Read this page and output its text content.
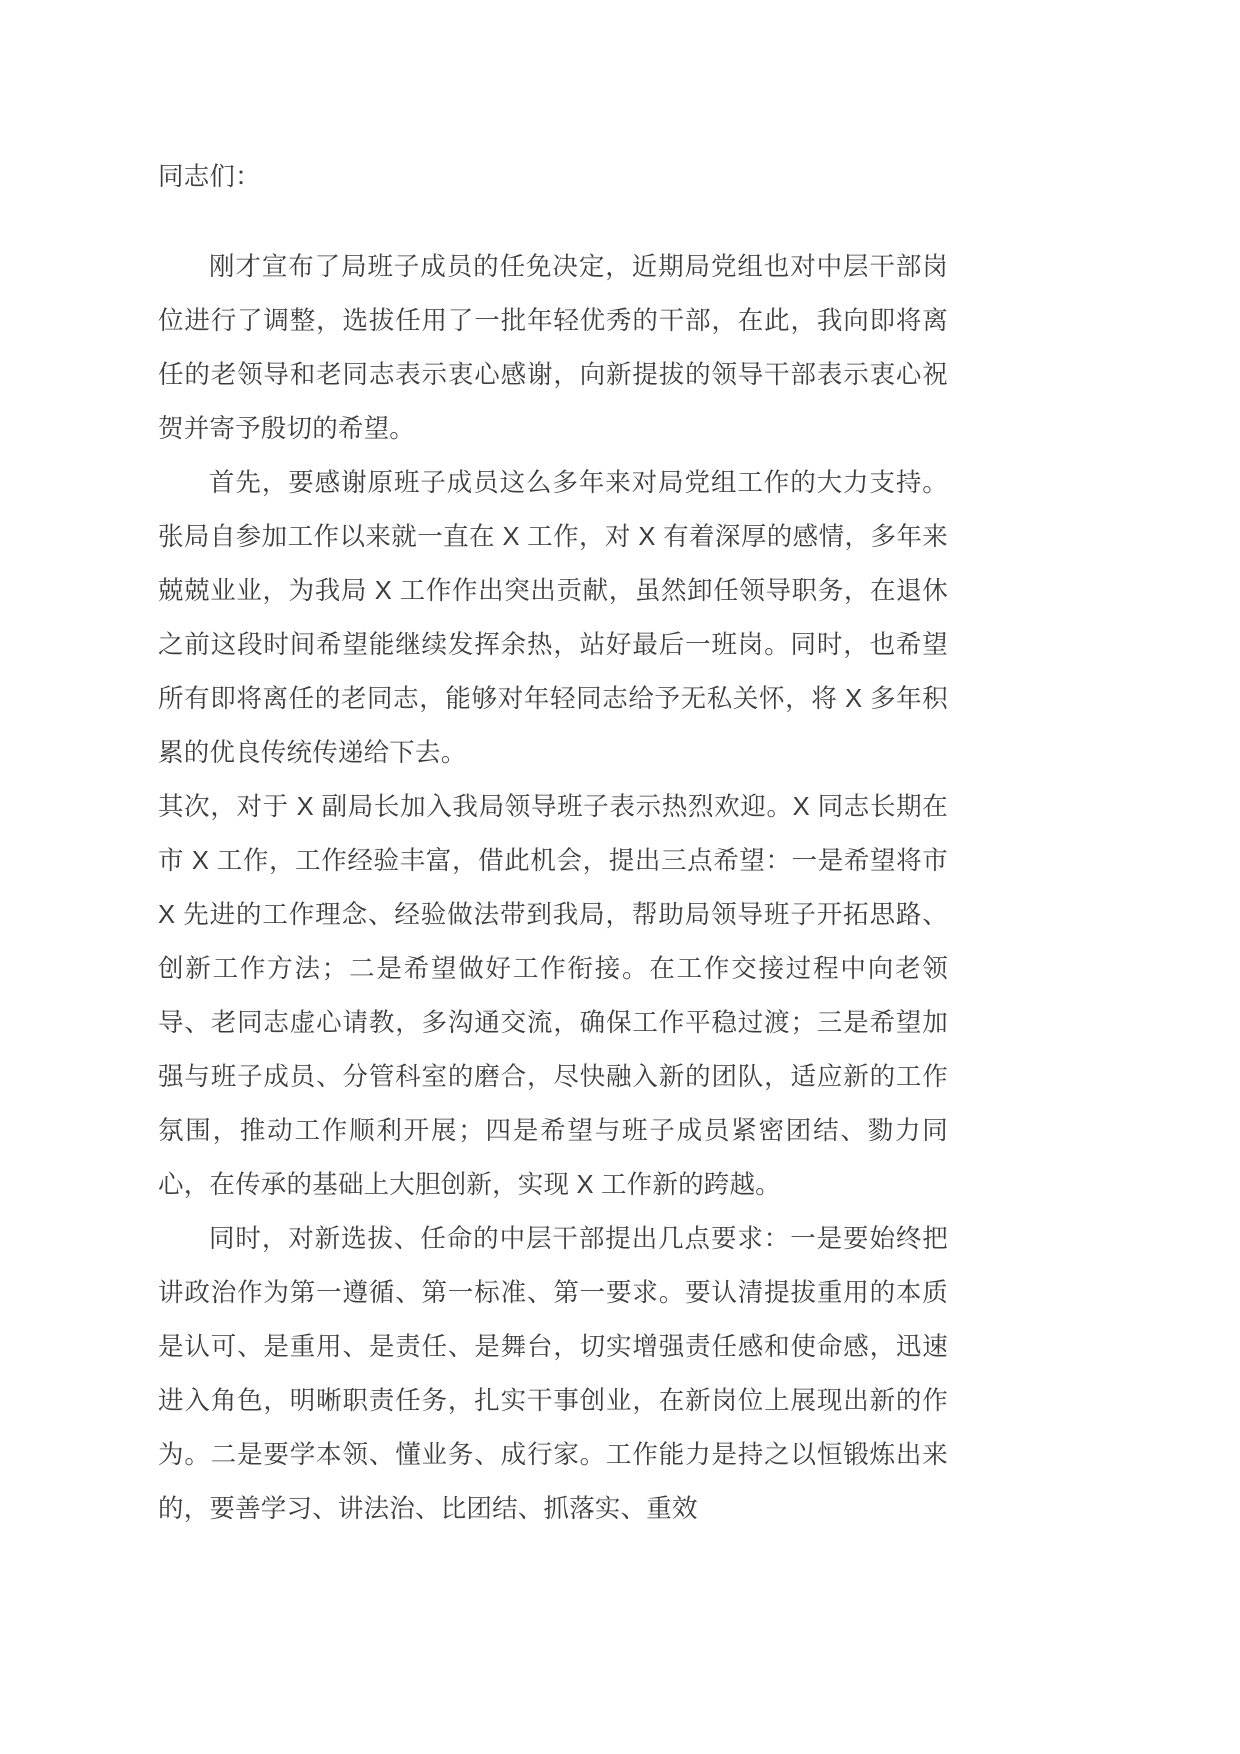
同志们：

刚才宣布了局班子成员的任免决定，近期局党组也对中层干部岗位进行了调整，选拔任用了一批年轻优秀的干部，在此，我向即将离任的老领导和老同志表示衷心感谢，向新提拔的领导干部表示衷心祝贺并寄予殷切的希望。

首先，要感谢原班子成员这么多年来对局党组工作的大力支持。张局自参加工作以来就一直在 X 工作，对 X 有着深厚的感情，多年来兢兢业业，为我局 X 工作作出突出贡献，虽然卸任领导职务，在退休之前这段时间希望能继续发挥余热，站好最后一班岗。同时，也希望所有即将离任的老同志，能够对年轻同志给予无私关怀，将 X 多年积累的优良传统传递给下去。

其次，对于 X 副局长加入我局领导班子表示热烈欢迎。X 同志长期在市 X 工作，工作经验丰富，借此机会，提出三点希望：一是希望将市 X 先进的工作理念、经验做法带到我局，帮助局领导班子开拓思路、创新工作方法；二是希望做好工作衔接。在工作交接过程中向老领导、老同志虚心请教，多沟通交流，确保工作平稳过渡；三是希望加强与班子成员、分管科室的磨合，尽快融入新的团队，适应新的工作氛围，推动工作顺利开展；四是希望与班子成员紧密团结、勠力同心，在传承的基础上大胆创新，实现 X 工作新的跨越。

同时，对新选拔、任命的中层干部提出几点要求：一是要始终把讲政治作为第一遵循、第一标准、第一要求。要认清提拔重用的本质是认可、是重用、是责任、是舞台，切实增强责任感和使命感，迅速进入角色，明晰职责任务，扎实干事创业，在新岗位上展现出新的作为。二是要学本领、懂业务、成行家。工作能力是持之以恒锻炼出来的，要善学习、讲法治、比团结、抓落实、重效
